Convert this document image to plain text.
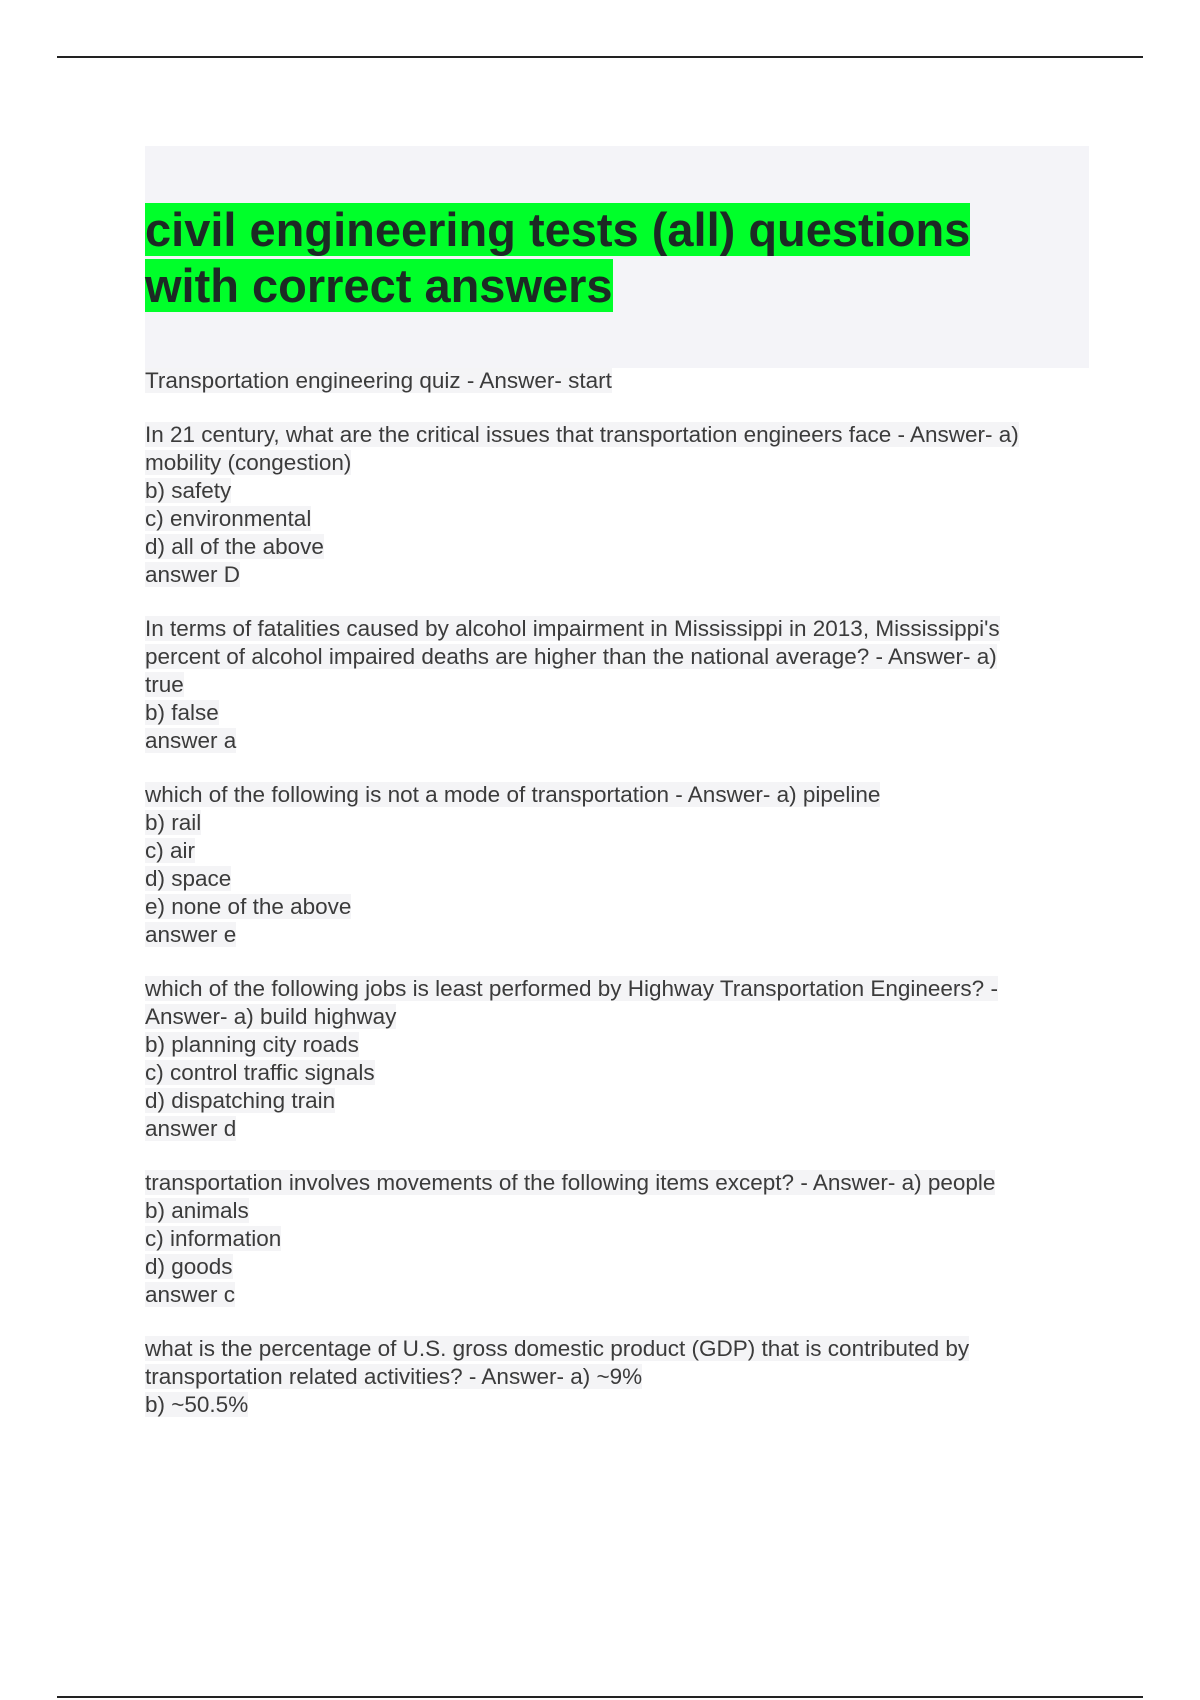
civil engineering tests (all) questions
with correct answers

Transportation engineering quiz - Answer- start

In 21 century, what are the critical issues that transportation engineers face - Answer- a)
mobility (congestion)
b) safety
c) environmental
d) all of the above
answer D

In terms of fatalities caused by alcohol impairment in Mississippi in 2013, Mississippi's
percent of alcohol impaired deaths are higher than the national average? - Answer- a)
true
b) false
answer a

which of the following is not a mode of transportation - Answer- a) pipeline
b) rail
c) air
d) space
e) none of the above
answer e

which of the following jobs is least performed by Highway Transportation Engineers? -
Answer- a) build highway
b) planning city roads
c) control traffic signals
d) dispatching train
answer d

transportation involves movements of the following items except? - Answer- a) people
b) animals
c) information
d) goods
answer c

what is the percentage of U.S. gross domestic product (GDP) that is contributed by
transportation related activities? - Answer- a) ~9%
b) ~50.5%
